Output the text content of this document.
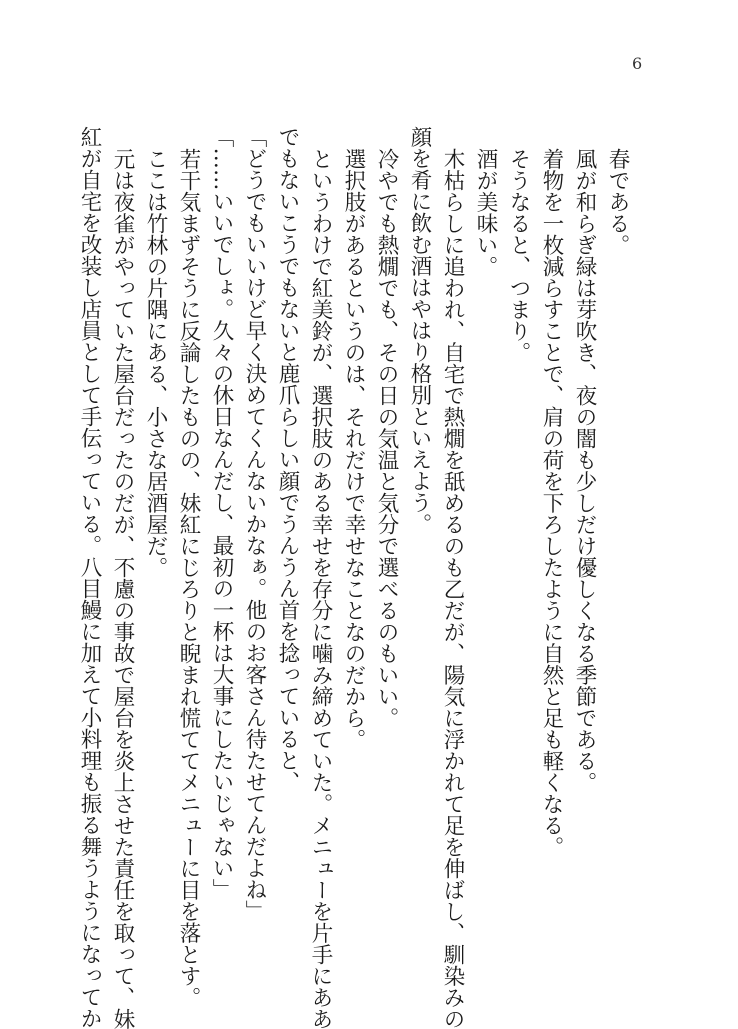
6
春である。
風が和らぎ緑は芽吹き、夜の闇も少しだけ優しくなる季節である。
着物を一枚減らすことで、肩の荷を下ろしたように自然と足も軽くなる。
そうなると、つまり。
酒が美味い。
木枯らしに追われ、自宅で熱燗を舐めるのも乙だが、陽気に浮かれて足を伸ばし、馴染みの
顔を肴に飲む酒はやはり格別といえよう。
冷やでも熱燗でも、その日の気温と気分で選べるのもいい。
選択肢があるというのは、それだけで幸せなことなのだから。
というわけで紅美鈴が、選択肢のある幸せを存分に噛み締めていた。メニューを片手にああ
でもないこうでもないと鹿爪らしい顔でうんうん首を捻っていると、
「どうでもいいけど早く決めてくんないかなぁ。他のお客さん待たせてんだよね」
「……いいでしょ。久々の休日なんだし、最初の一杯は大事にしたいじゃない」
若干気まずそうに反論したものの、妹紅にじろりと睨まれ慌ててメニューに目を落とす。
ここは竹林の片隅にある、小さな居酒屋だ。
元は夜雀がやっていた屋台だったのだが、不慮の事故で屋台を炎上させた責任を取って、妹
紅が自宅を改装し店員として手伝っている。八目鰻に加えて小料理も振る舞うようになってか
